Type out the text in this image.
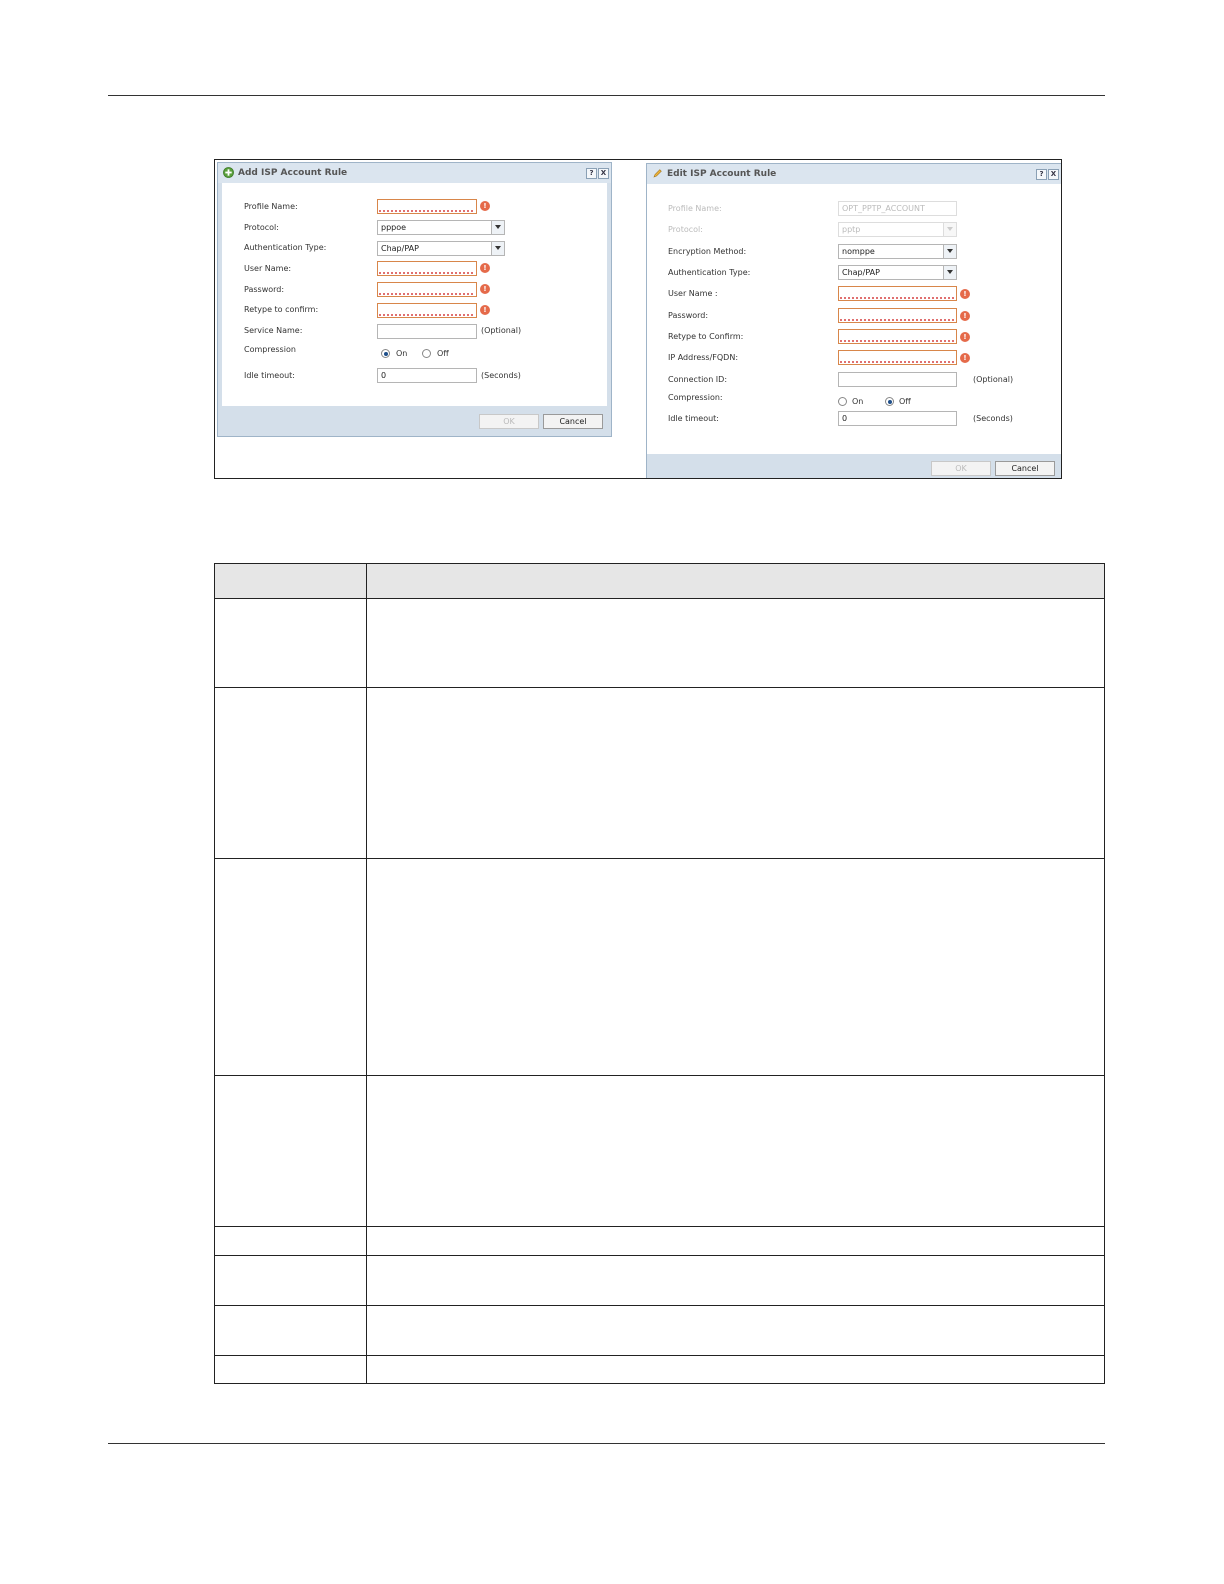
Add ISP Account Rule	?	X
Profile Name:	!
Protocol:	pppoe
Authentication Type:	Chap/PAP
User Name:	!
Password:	!
Retype to confirm:	!
Service Name:	(Optional)
Compression	On	Off
Idle timeout:	0	(Seconds)
OK	Cancel
Edit ISP Account Rule	?	X
Profile Name:	OPT_PPTP_ACCOUNT
Protocol:	pptp
Encryption Method:	nomppe
Authentication Type:	Chap/PAP
User Name :	!
Password:	!
Retype to Confirm:	!
IP Address/FQDN:	!
Connection ID:	(Optional)
Compression:	On	Off
Idle timeout:	0	(Seconds)
OK	Cancel
